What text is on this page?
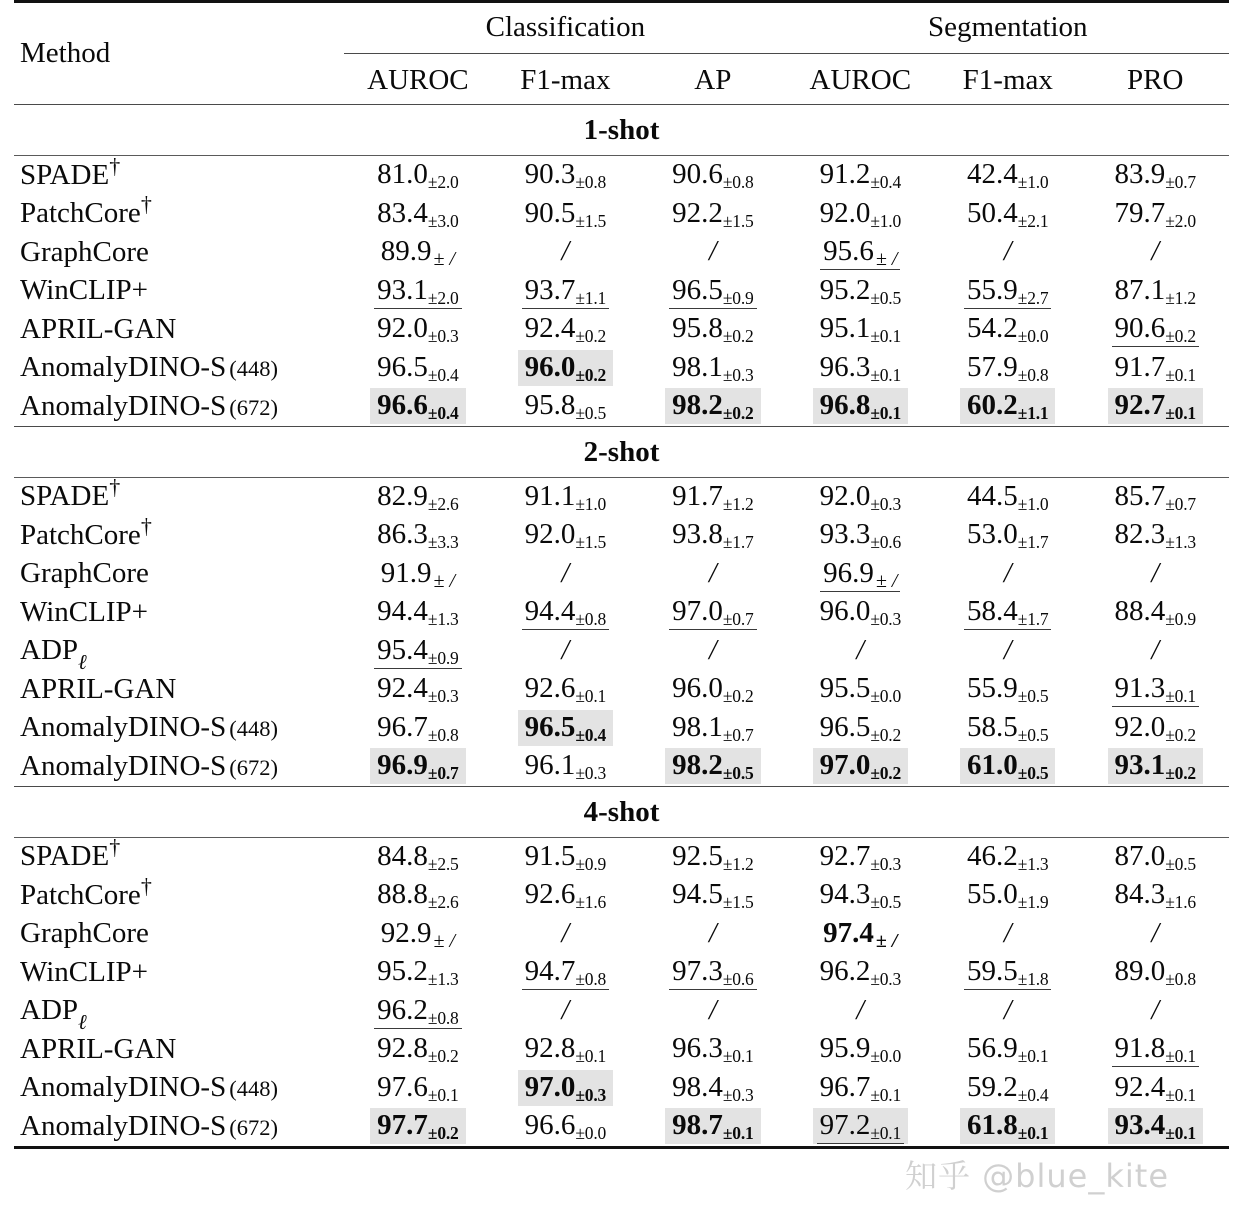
Method	Classification			Segmentation		

	AUROC	F1-max	AP	AUROC	F1-max	PRO

1-shot						

SPADE†	81.0±2.0	90.3±0.8	90.6±0.8	91.2±0.4	42.4±1.0	83.9±0.7
PatchCore†	83.4±3.0	90.5±1.5	92.2±1.5	92.0±1.0	50.4±2.1	79.7±2.0
GraphCore	89.9 ± /	/	/	95.6 ± /	/	/
WinCLIP+	93.1±2.0	93.7±1.1	96.5±0.9	95.2±0.5	55.9±2.7	87.1±1.2
APRIL-GAN	92.0±0.3	92.4±0.2	95.8±0.2	95.1±0.1	54.2±0.0	90.6±0.2
AnomalyDINO-S (448)	96.5±0.4	96.0±0.2	98.1±0.3	96.3±0.1	57.9±0.8	91.7±0.1
AnomalyDINO-S (672)	96.6±0.4	95.8±0.5	98.2±0.2	96.8±0.1	60.2±1.1	92.7±0.1

2-shot						

SPADE†	82.9±2.6	91.1±1.0	91.7±1.2	92.0±0.3	44.5±1.0	85.7±0.7
PatchCore†	86.3±3.3	92.0±1.5	93.8±1.7	93.3±0.6	53.0±1.7	82.3±1.3
GraphCore	91.9 ± /	/	/	96.9 ± /	/	/
WinCLIP+	94.4±1.3	94.4±0.8	97.0±0.7	96.0±0.3	58.4±1.7	88.4±0.9
$ADP_\ell$	95.4±0.9	/	/	/	/	/
APRIL-GAN	92.4±0.3	92.6±0.1	96.0±0.2	95.5±0.0	55.9±0.5	91.3±0.1
AnomalyDINO-S (448)	96.7±0.8	96.5±0.4	98.1±0.7	96.5±0.2	58.5±0.5	92.0±0.2
AnomalyDINO-S (672)	96.9±0.7	96.1±0.3	98.2±0.5	97.0±0.2	61.0±0.5	93.1±0.2

4-shot						

SPADE†	84.8±2.5	91.5±0.9	92.5±1.2	92.7±0.3	46.2±1.3	87.0±0.5
PatchCore†	88.8±2.6	92.6±1.6	94.5±1.5	94.3±0.5	55.0±1.9	84.3±1.6
GraphCore	92.9 ± /	/	/	97.4 ± /	/	/
WinCLIP+	95.2±1.3	94.7±0.8	97.3±0.6	96.2±0.3	59.5±1.8	89.0±0.8
$ADP_\ell$	96.2±0.8	/	/	/	/	/
APRIL-GAN	92.8±0.2	92.8±0.1	96.3±0.1	95.9±0.0	56.9±0.1	91.8±0.1
AnomalyDINO-S (448)	97.6±0.1	97.0±0.3	98.4±0.3	96.7±0.1	59.2±0.4	92.4±0.1
AnomalyDINO-S (672)	97.7±0.2	96.6±0.0	98.7±0.1	97.2±0.1	61.8±0.1	93.4±0.1

知乎 @blue_kite
